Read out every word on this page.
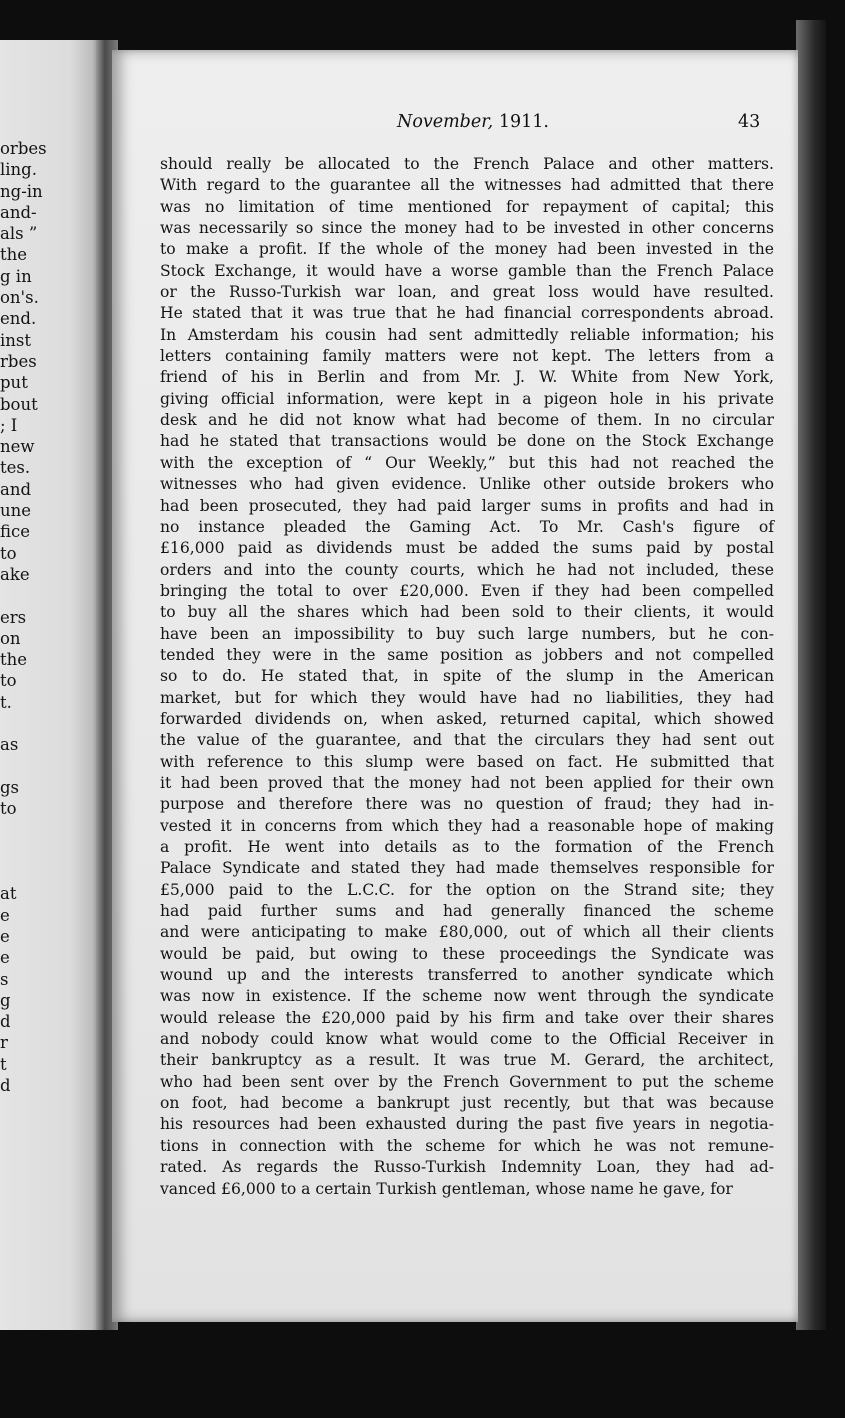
orbes
ling.
ng-in
and-
als ”
the
g in
on's.
end.
inst
rbes
put
bout
; I
new
tes.
and
une
fice
to
ake
ers
on
the
to
t.
as
gs
to
at
e
e
e
s
g
d
r
t
d
November, 1911.	43
should really be allocated to the French Palace and other matters.
With regard to the guarantee all the witnesses had admitted that there
was no limitation of time mentioned for repayment of capital; this
was necessarily so since the money had to be invested in other concerns
to make a profit. If the whole of the money had been invested in the
Stock Exchange, it would have a worse gamble than the French Palace
or the Russo-Turkish war loan, and great loss would have resulted.
He stated that it was true that he had financial correspondents abroad.
In Amsterdam his cousin had sent admittedly reliable information; his
letters containing family matters were not kept. The letters from a
friend of his in Berlin and from Mr. J. W. White from New York,
giving official information, were kept in a pigeon hole in his private
desk and he did not know what had become of them. In no circular
had he stated that transactions would be done on the Stock Exchange
with the exception of “ Our Weekly,” but this had not reached the
witnesses who had given evidence. Unlike other outside brokers who
had been prosecuted, they had paid larger sums in profits and had in
no instance pleaded the Gaming Act. To Mr. Cash's figure of
£16,000 paid as dividends must be added the sums paid by postal
orders and into the county courts, which he had not included, these
bringing the total to over £20,000. Even if they had been compelled
to buy all the shares which had been sold to their clients, it would
have been an impossibility to buy such large numbers, but he con-
tended they were in the same position as jobbers and not compelled
so to do. He stated that, in spite of the slump in the American
market, but for which they would have had no liabilities, they had
forwarded dividends on, when asked, returned capital, which showed
the value of the guarantee, and that the circulars they had sent out
with reference to this slump were based on fact. He submitted that
it had been proved that the money had not been applied for their own
purpose and therefore there was no question of fraud; they had in-
vested it in concerns from which they had a reasonable hope of making
a profit. He went into details as to the formation of the French
Palace Syndicate and stated they had made themselves responsible for
£5,000 paid to the L.C.C. for the option on the Strand site; they
had paid further sums and had generally financed the scheme
and were anticipating to make £80,000, out of which all their clients
would be paid, but owing to these proceedings the Syndicate was
wound up and the interests transferred to another syndicate which
was now in existence. If the scheme now went through the syndicate
would release the £20,000 paid by his firm and take over their shares
and nobody could know what would come to the Official Receiver in
their bankruptcy as a result. It was true M. Gerard, the architect,
who had been sent over by the French Government to put the scheme
on foot, had become a bankrupt just recently, but that was because
his resources had been exhausted during the past five years in negotia-
tions in connection with the scheme for which he was not remune-
rated. As regards the Russo-Turkish Indemnity Loan, they had ad-
vanced £6,000 to a certain Turkish gentleman, whose name he gave, for
